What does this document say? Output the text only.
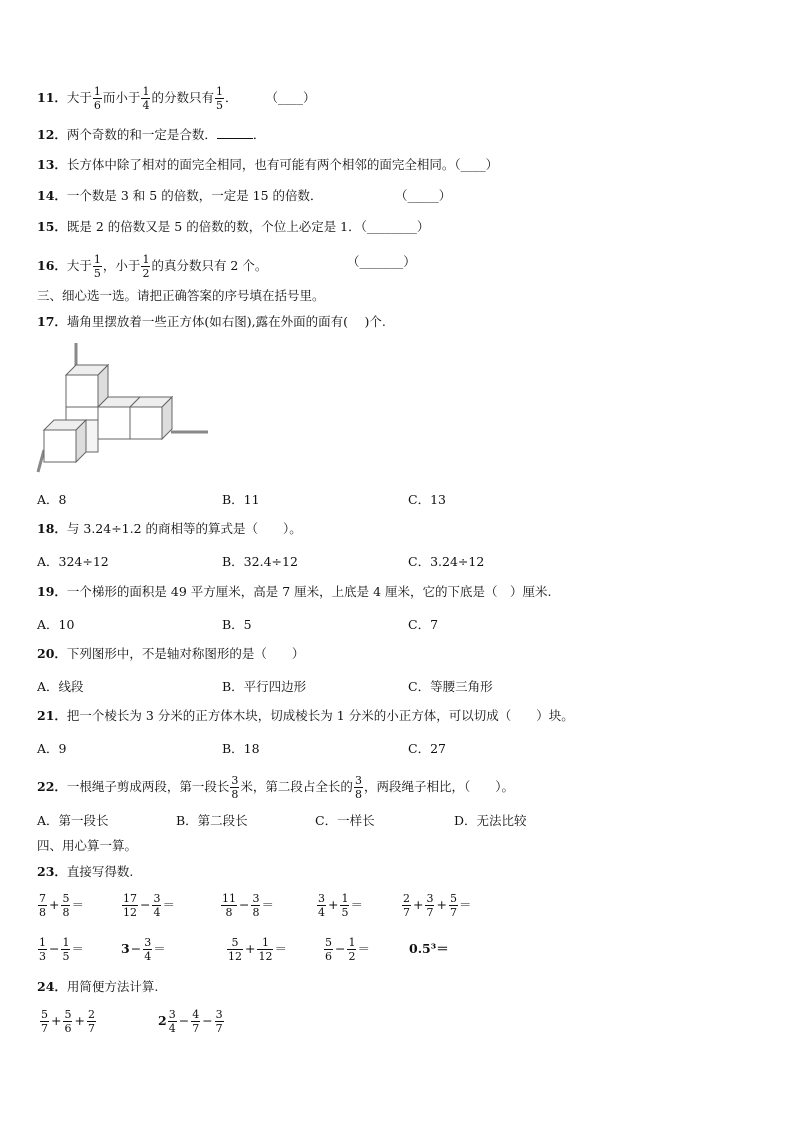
11．大于 $\frac{1}{6}$ 而小于 $\frac{1}{4}$ 的分数只有 $\frac{1}{5}$ ． （____）
12．两个奇数的和一定是合数．	．
13．长方体中除了相对的面完全相同，也有可能有两个相邻的面完全相同。（____）
14．一个数是 3 和 5 的倍数，一定是 15 的倍数．	（_____）
15．既是 2 的倍数又是 5 的倍数的数，个位上必定是 1．（________）
16．大于 $\frac{1}{5}$ ，小于 $\frac{1}{2}$ 的真分数只有 2 个。	（_______）
三、细心选一选。请把正确答案的序号填在括号里。
17．墙角里摆放着一些正方体(如右图),露在外面的面有(　 )个.
A．8	B．11	C．13
18．与 3.24÷1.2 的商相等的算式是（　　）。
A．324÷12	B．32.4÷12	C．3.24÷12
19．一个梯形的面积是 49 平方厘米，高是 7 厘米，上底是 4 厘米，它的下底是（　）厘米.
A．10	B．5	C．7
20．下列图形中，不是轴对称图形的是（　　）
A．线段	B．平行四边形	C．等腰三角形
21．把一个棱长为 3 分米的正方体木块，切成棱长为 1 分米的小正方体，可以切成（　　）块。
A．9	B．18	C．27
22．一根绳子剪成两段，第一段长 $\frac{3}{8}$ 米，第二段占全长的 $\frac{3}{8}$ ，两段绳子相比，（　　）。
A．第一段长	B．第二段长	C．一样长	D．无法比较
四、用心算一算。
23．直接写得数.
$\frac{7}{8} + \frac{5}{8}$ ＝	$\frac{17}{12} - \frac{3}{4}$ ＝	$\frac{11}{8} - \frac{3}{8}$ ＝	$\frac{3}{4} + \frac{1}{5}$ ＝	$\frac{2}{7} + \frac{3}{7} + \frac{5}{7}$ ＝
$\frac{1}{3} - \frac{1}{5}$ ＝	$3- \frac{3}{4}$ ＝	$\frac{5}{12} + \frac{1}{12}$ ＝	$\frac{5}{6} - \frac{1}{2}$ ＝	0.5³＝
24．用简便方法计算.
$\frac{5}{7} + \frac{5}{6} + \frac{2}{7}$	$2 \frac{3}{4} - \frac{4}{7} - \frac{3}{7}$
